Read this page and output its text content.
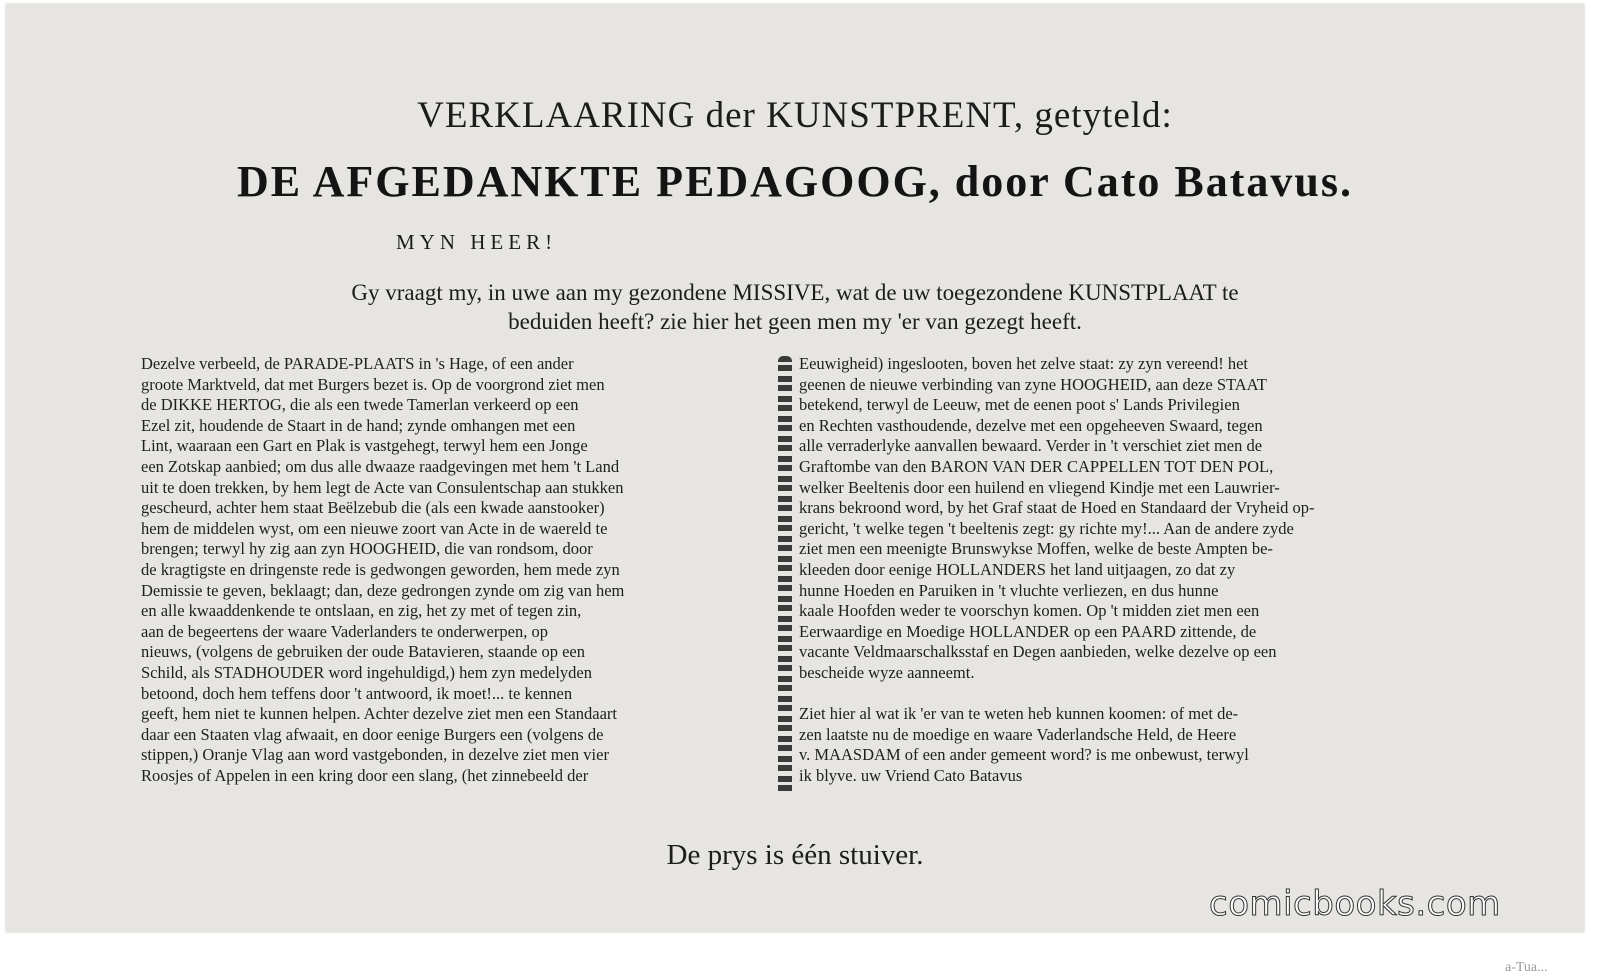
VERKLAARING der KUNSTPRENT, getyteld:
DE AFGEDANKTE PEDAGOOG, door Cato Batavus.
MYN HEER!
Gy vraagt my, in uwe aan my gezondene MISSIVE, wat de uw toegezondene KUNSTPLAAT te
beduiden heeft? zie hier het geen men my 'er van gezegt heeft.
Dezelve verbeeld, de PARADE-PLAATS in 's Hage, of een ander
groote Marktveld, dat met Burgers bezet is. Op de voorgrond ziet men
de DIKKE HERTOG, die als een twede Tamerlan verkeerd op een
Ezel zit, houdende de Staart in de hand; zynde omhangen met een
Lint, waaraan een Gart en Plak is vastgehegt, terwyl hem een Jonge
een Zotskap aanbied; om dus alle dwaaze raadgevingen met hem 't Land
uit te doen trekken, by hem legt de Acte van Consulentschap aan stukken
gescheurd, achter hem staat Beëlzebub die (als een kwade aanstooker)
hem de middelen wyst, om een nieuwe zoort van Acte in de waereld te
brengen; terwyl hy zig aan zyn HOOGHEID, die van rondsom, door
de kragtigste en dringenste rede is gedwongen geworden, hem mede zyn
Demissie te geven, beklaagt; dan, deze gedrongen zynde om zig van hem
en alle kwaaddenkende te ontslaan, en zig, het zy met of tegen zin,
aan de begeertens der waare Vaderlanders te onderwerpen, op
nieuws, (volgens de gebruiken der oude Batavieren, staande op een
Schild, als STADHOUDER word ingehuldigd,) hem zyn medelyden
betoond, doch hem teffens door 't antwoord, ik moet!... te kennen
geeft, hem niet te kunnen helpen. Achter dezelve ziet men een Standaart
daar een Staaten vlag afwaait, en door eenige Burgers een (volgens de
stippen,) Oranje Vlag aan word vastgebonden, in dezelve ziet men vier
Roosjes of Appelen in een kring door een slang, (het zinnebeeld der
Eeuwigheid) ingeslooten, boven het zelve staat: zy zyn vereend! het
geenen de nieuwe verbinding van zyne HOOGHEID, aan deze STAAT
betekend, terwyl de Leeuw, met de eenen poot s' Lands Privilegien
en Rechten vasthoudende, dezelve met een opgeheeven Swaard, tegen
alle verraderlyke aanvallen bewaard. Verder in 't verschiet ziet men de
Graftombe van den BARON VAN DER CAPPELLEN TOT DEN POL,
welker Beeltenis door een huilend en vliegend Kindje met een Lauwrier-
krans bekroond word, by het Graf staat de Hoed en Standaard der Vryheid op-
gericht, 't welke tegen 't beeltenis zegt: gy richte my!... Aan de andere zyde
ziet men een meenigte Brunswykse Moffen, welke de beste Ampten be-
kleeden door eenige HOLLANDERS het land uitjaagen, zo dat zy
hunne Hoeden en Paruiken in 't vluchte verliezen, en dus hunne
kaale Hoofden weder te voorschyn komen. Op 't midden ziet men een
Eerwaardige en Moedige HOLLANDER op een PAARD zittende, de
vacante Veldmaarschalksstaf en Degen aanbieden, welke dezelve op een
bescheide wyze aanneemt.
Ziet hier al wat ik 'er van te weten heb kunnen koomen: of met de-
zen laatste nu de moedige en waare Vaderlandsche Held, de Heere
v. MAASDAM of een ander gemeent word? is me onbewust, terwyl
ik blyve. uw Vriend Cato Batavus
De prys is één stuiver.
comicbooks.com
a-Tua...
